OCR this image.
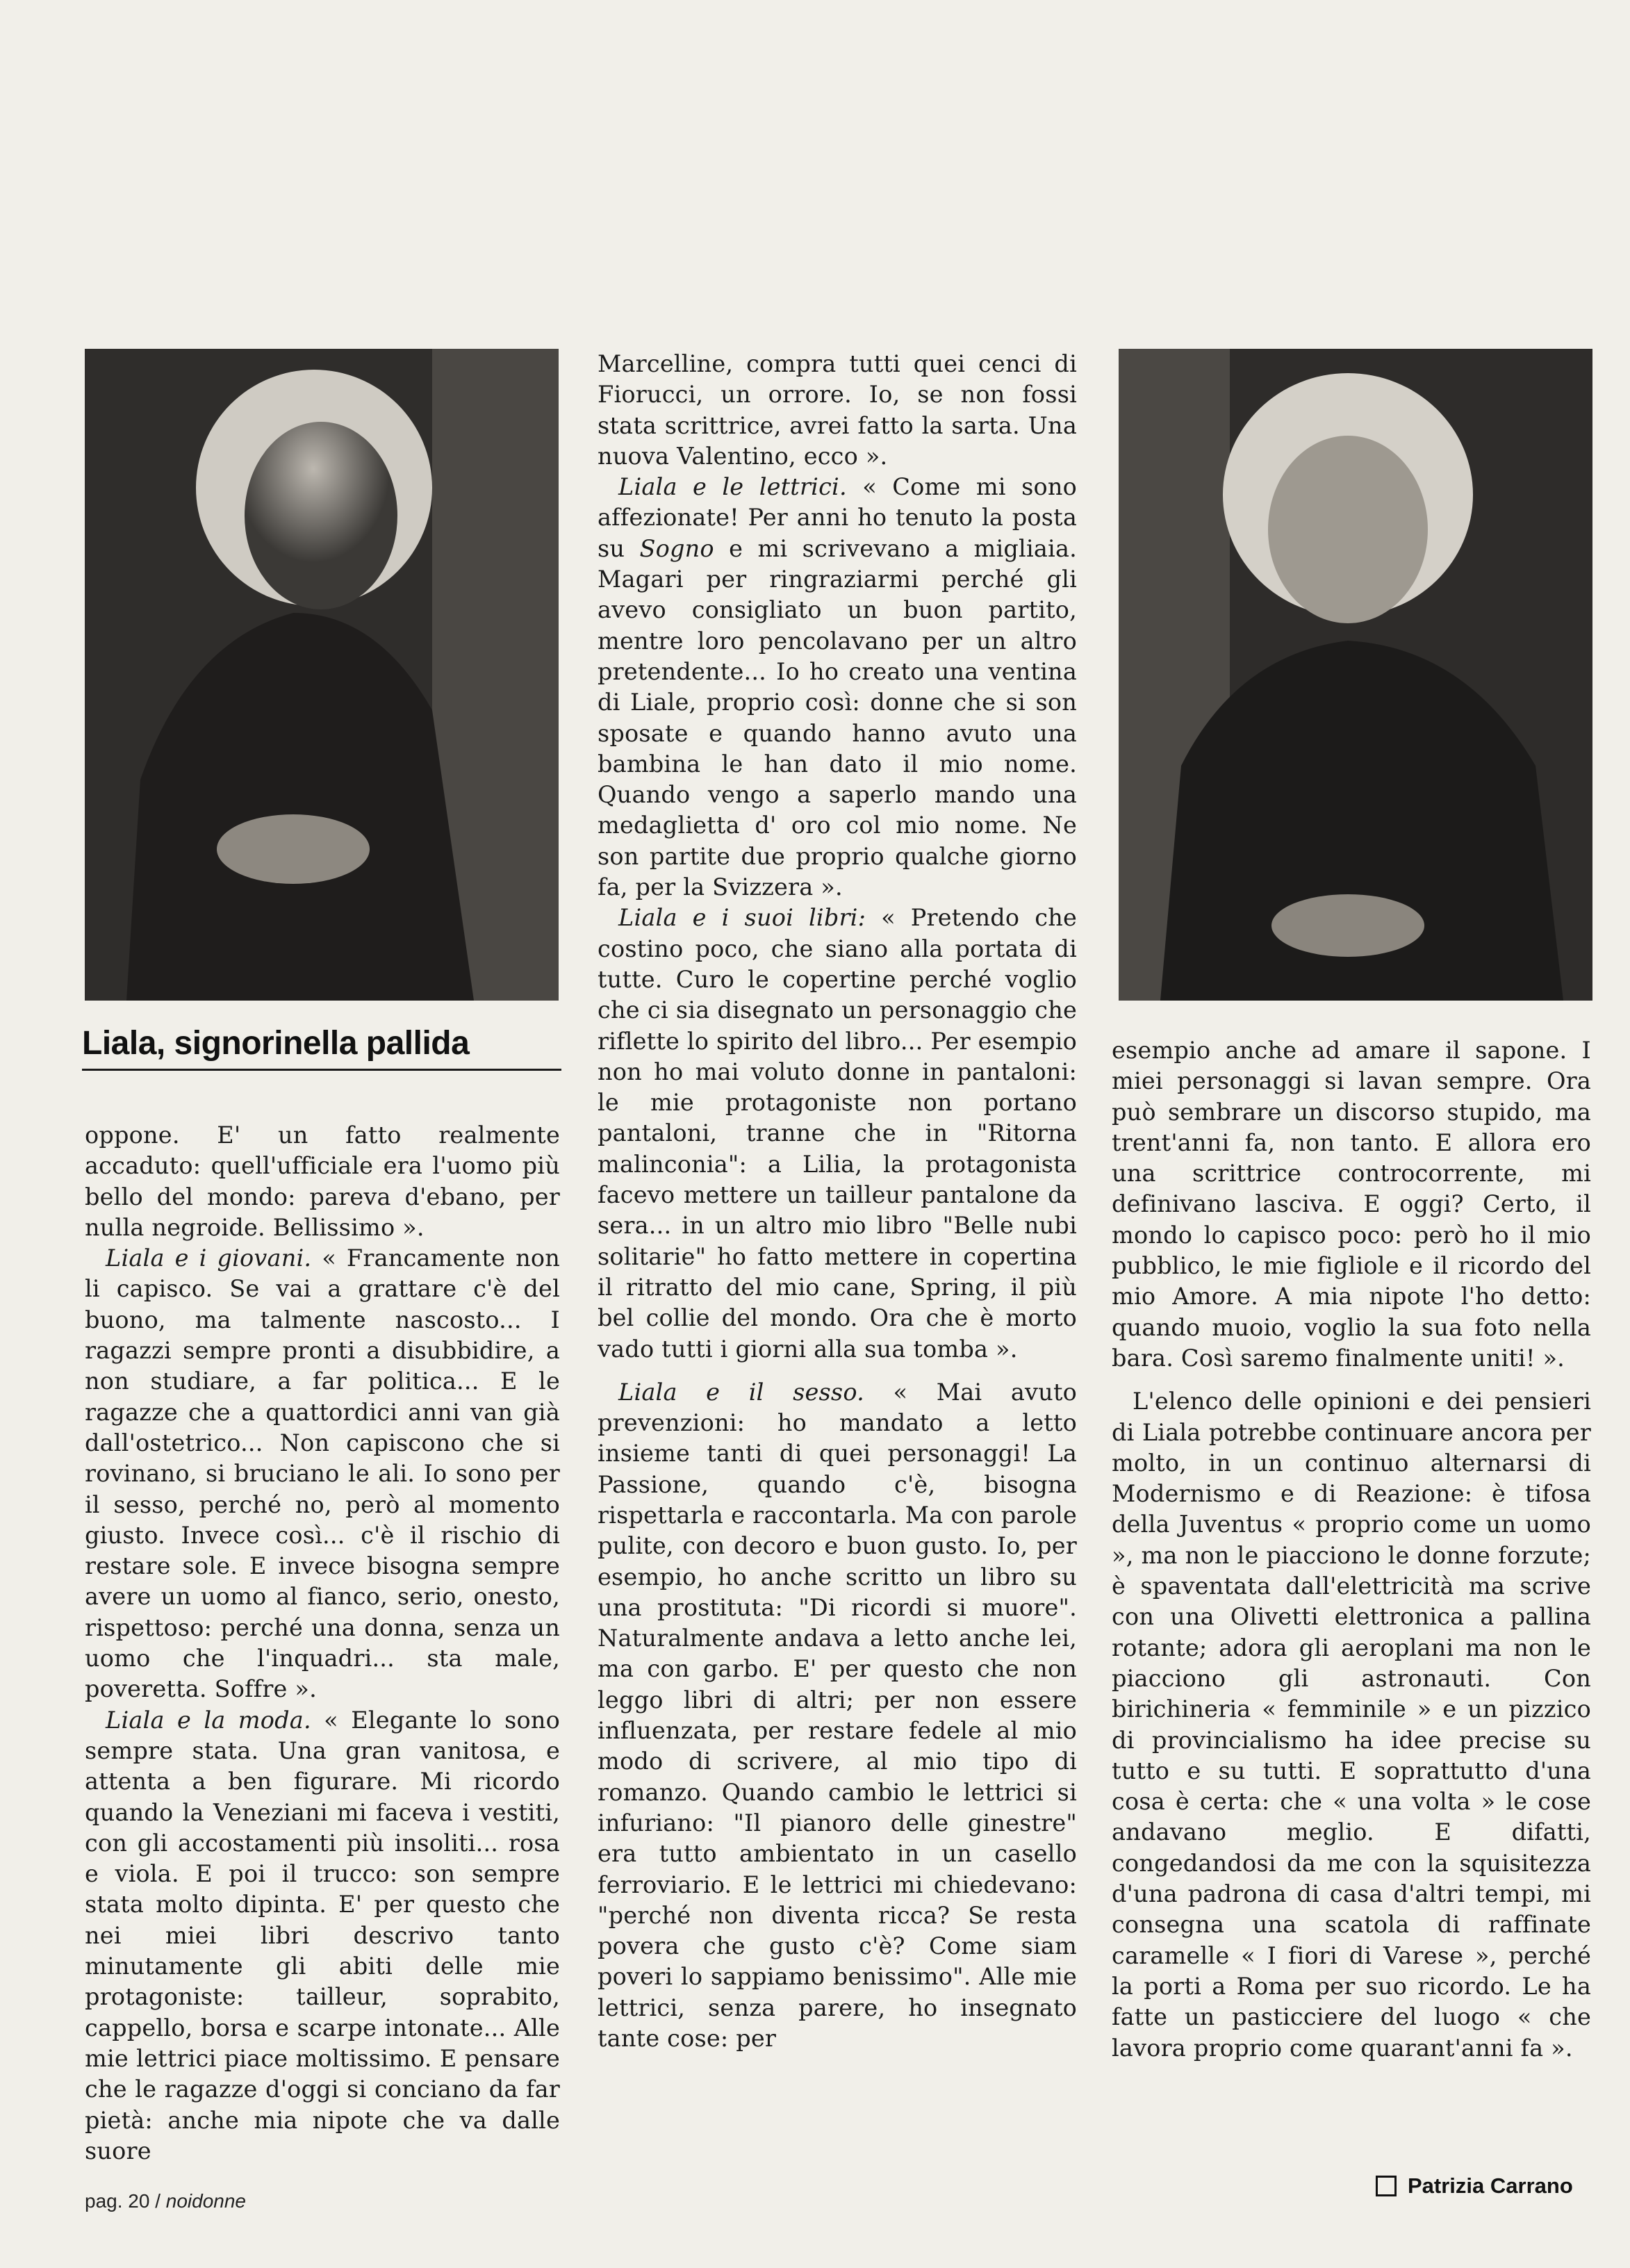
Liala, signorinella pallida

oppone. E' un fatto realmente accaduto: quell'ufficiale era l'uomo più bello del mondo: pareva d'ebano, per nulla negroide. Bellissimo ».

Liala e i giovani. « Francamente non li capisco. Se vai a grattare c'è del buono, ma talmente nascosto... I ragazzi sempre pronti a disubbidire, a non studiare, a far politica... E le ragazze che a quattordici anni van già dall'ostetrico... Non capiscono che si rovinano, si bruciano le ali. Io sono per il sesso, perché no, però al momento giusto. Invece così... c'è il rischio di restare sole. E invece bisogna sempre avere un uomo al fianco, serio, onesto, rispettoso: perché una donna, senza un uomo che l'inquadri... sta male, poveretta. Soffre ».

Liala e la moda. « Elegante lo sono sempre stata. Una gran vanitosa, e attenta a ben figurare. Mi ricordo quando la Veneziani mi faceva i vestiti, con gli accostamenti più insoliti... rosa e viola. E poi il trucco: son sempre stata molto dipinta. E' per questo che nei miei libri descrivo tanto minutamente gli abiti delle mie protagoniste: tailleur, soprabito, cappello, borsa e scarpe intonate... Alle mie lettrici piace moltissimo. E pensare che le ragazze d'oggi si conciano da far pietà: anche mia nipote che va dalle suore

Marcelline, compra tutti quei cenci di Fiorucci, un orrore. Io, se non fossi stata scrittrice, avrei fatto la sarta. Una nuova Valentino, ecco ».

Liala e le lettrici. « Come mi sono affezionate! Per anni ho tenuto la posta su Sogno e mi scrivevano a migliaia. Magari per ringraziarmi perché gli avevo consigliato un buon partito, mentre loro pencolavano per un altro pretendente... Io ho creato una ventina di Liale, proprio così: donne che si son sposate e quando hanno avuto una bambina le han dato il mio nome. Quando vengo a saperlo mando una medaglietta d' oro col mio nome. Ne son partite due proprio qualche giorno fa, per la Svizzera ».

Liala e i suoi libri: « Pretendo che costino poco, che siano alla portata di tutte. Curo le copertine perché voglio che ci sia disegnato un personaggio che riflette lo spirito del libro... Per esempio non ho mai voluto donne in pantaloni: le mie protagoniste non portano pantaloni, tranne che in "Ritorna malinconia": a Lilia, la protagonista facevo mettere un tailleur pantalone da sera... in un altro mio libro "Belle nubi solitarie" ho fatto mettere in copertina il ritratto del mio cane, Spring, il più bel collie del mondo. Ora che è morto vado tutti i giorni alla sua tomba ».

Liala e il sesso. « Mai avuto prevenzioni: ho mandato a letto insieme tanti di quei personaggi! La Passione, quando c'è, bisogna rispettarla e raccontarla. Ma con parole pulite, con decoro e buon gusto. Io, per esempio, ho anche scritto un libro su una prostituta: "Di ricordi si muore". Naturalmente andava a letto anche lei, ma con garbo. E' per questo che non leggo libri di altri; per non essere influenzata, per restare fedele al mio modo di scrivere, al mio tipo di romanzo. Quando cambio le lettrici si infuriano: "Il pianoro delle ginestre" era tutto ambientato in un casello ferroviario. E le lettrici mi chiedevano: "perché non diventa ricca? Se resta povera che gusto c'è? Come siam poveri lo sappiamo benissimo". Alle mie lettrici, senza parere, ho insegnato tante cose: per

esempio anche ad amare il sapone. I miei personaggi si lavan sempre. Ora può sembrare un discorso stupido, ma trent'anni fa, non tanto. E allora ero una scrittrice controcorrente, mi definivano lasciva. E oggi? Certo, il mondo lo capisco poco: però ho il mio pubblico, le mie figliole e il ricordo del mio Amore. A mia nipote l'ho detto: quando muoio, voglio la sua foto nella bara. Così saremo finalmente uniti! ».

L'elenco delle opinioni e dei pensieri di Liala potrebbe continuare ancora per molto, in un continuo alternarsi di Modernismo e di Reazione: è tifosa della Juventus « proprio come un uomo », ma non le piacciono le donne forzute; è spaventata dall'elettricità ma scrive con una Olivetti elettronica a pallina rotante; adora gli aeroplani ma non le piacciono gli astronauti. Con birichineria « femminile » e un pizzico di provincialismo ha idee precise su tutto e su tutti. E soprattutto d'una cosa è certa: che « una volta » le cose andavano meglio. E difatti, congedandosi da me con la squisitezza d'una padrona di casa d'altri tempi, mi consegna una scatola di raffinate caramelle « I fiori di Varese », perché la porti a Roma per suo ricordo. Le ha fatte un pasticciere del luogo « che lavora proprio come quarant'anni fa ».

Patrizia Carrano
pag. 20 / noidonne
